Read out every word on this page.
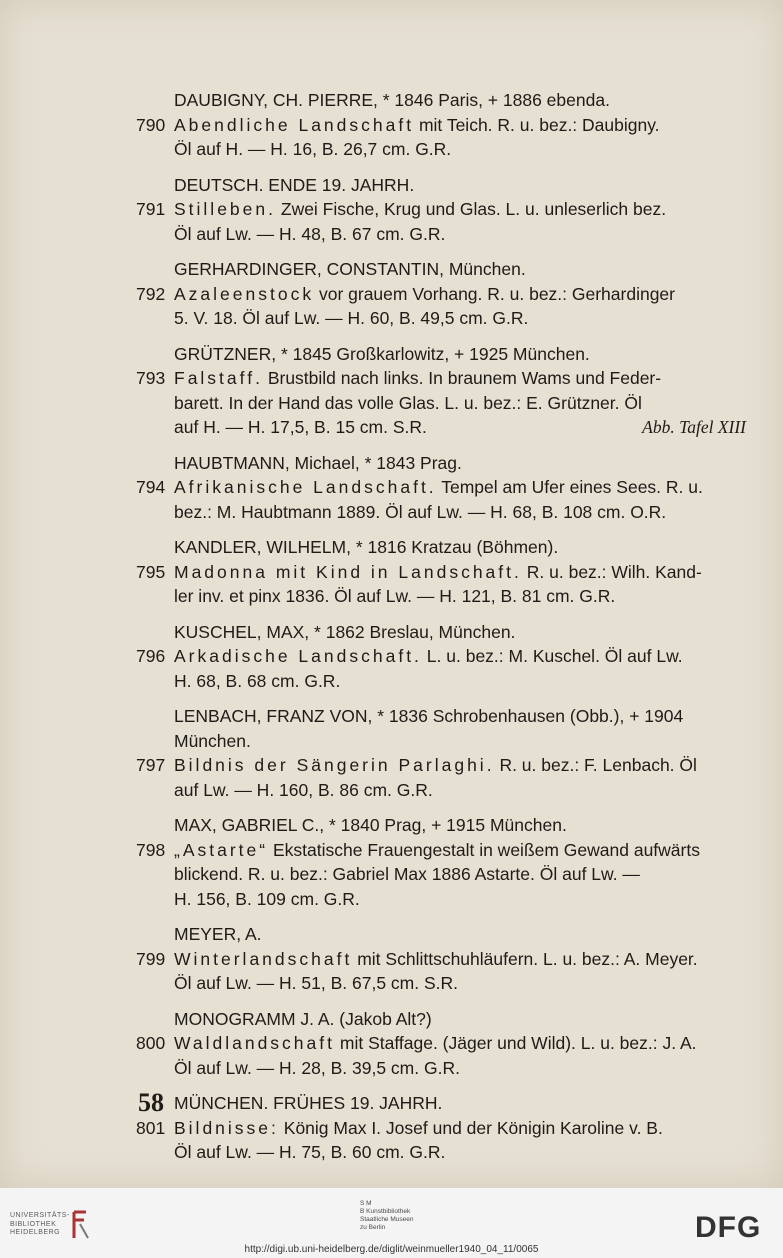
DAUBIGNY, CH. PIERRE, * 1846 Paris, + 1886 ebenda.
790 Abendliche Landschaft mit Teich. R. u. bez.: Daubigny.
Öl auf H. — H. 16, B. 26,7 cm. G.R.
DEUTSCH. ENDE 19. JAHRH.
791 Stilleben. Zwei Fische, Krug und Glas. L. u. unleserlich bez.
Öl auf Lw. — H. 48, B. 67 cm. G.R.
GERHARDINGER, CONSTANTIN, München.
792 Azaleenstock vor grauem Vorhang. R. u. bez.: Gerhardinger
5. V. 18. Öl auf Lw. — H. 60, B. 49,5 cm. G.R.
GRÜTZNER, * 1845 Großkarlowitz, + 1925 München.
793 Falstaff. Brustbild nach links. In braunem Wams und Feder-
barett. In der Hand das volle Glas. L. u. bez.: E. Grützner. Öl
auf H. — H. 17,5, B. 15 cm. S.R.	Abb. Tafel XIII
HAUBTMANN, Michael, * 1843 Prag.
794 Afrikanische Landschaft. Tempel am Ufer eines Sees. R. u.
bez.: M. Haubtmann 1889. Öl auf Lw. — H. 68, B. 108 cm. O.R.
KANDLER, WILHELM, * 1816 Kratzau (Böhmen).
795 Madonna mit Kind in Landschaft. R. u. bez.: Wilh. Kand-
ler inv. et pinx 1836. Öl auf Lw. — H. 121, B. 81 cm. G.R.
KUSCHEL, MAX, * 1862 Breslau, München.
796 Arkadische Landschaft. L. u. bez.: M. Kuschel. Öl auf Lw.
H. 68, B. 68 cm. G.R.
LENBACH, FRANZ VON, * 1836 Schrobenhausen (Obb.), + 1904
München.
797 Bildnis der Sängerin Parlaghi. R. u. bez.: F. Lenbach. Öl
auf Lw. — H. 160, B. 86 cm. G.R.
MAX, GABRIEL C., * 1840 Prag, + 1915 München.
798 „Astarte“ Ekstatische Frauengestalt in weißem Gewand aufwärts
blickend. R. u. bez.: Gabriel Max 1886 Astarte. Öl auf Lw. —
H. 156, B. 109 cm. G.R.
MEYER, A.
799 Winterlandschaft mit Schlittschuhläufern. L. u. bez.: A. Meyer.
Öl auf Lw. — H. 51, B. 67,5 cm. S.R.
MONOGRAMM J. A. (Jakob Alt?)
800 Waldlandschaft mit Staffage. (Jäger und Wild). L. u. bez.: J. A.
Öl auf Lw. — H. 28, B. 39,5 cm. G.R.
MÜNCHEN. FRÜHES 19. JAHRH.
801 Bildnisse: König Max I. Josef und der Königin Karoline v. B.
Öl auf Lw. — H. 75, B. 60 cm. G.R.
58
UNIVERSITÄTS-
BIBLIOTHEK
HEIDELBERG
S M
B Kunstbibliothek
Staatliche Museen
zu Berlin	DFG
http://digi.ub.uni-heidelberg.de/diglit/weinmueller1940_04_11/0065
